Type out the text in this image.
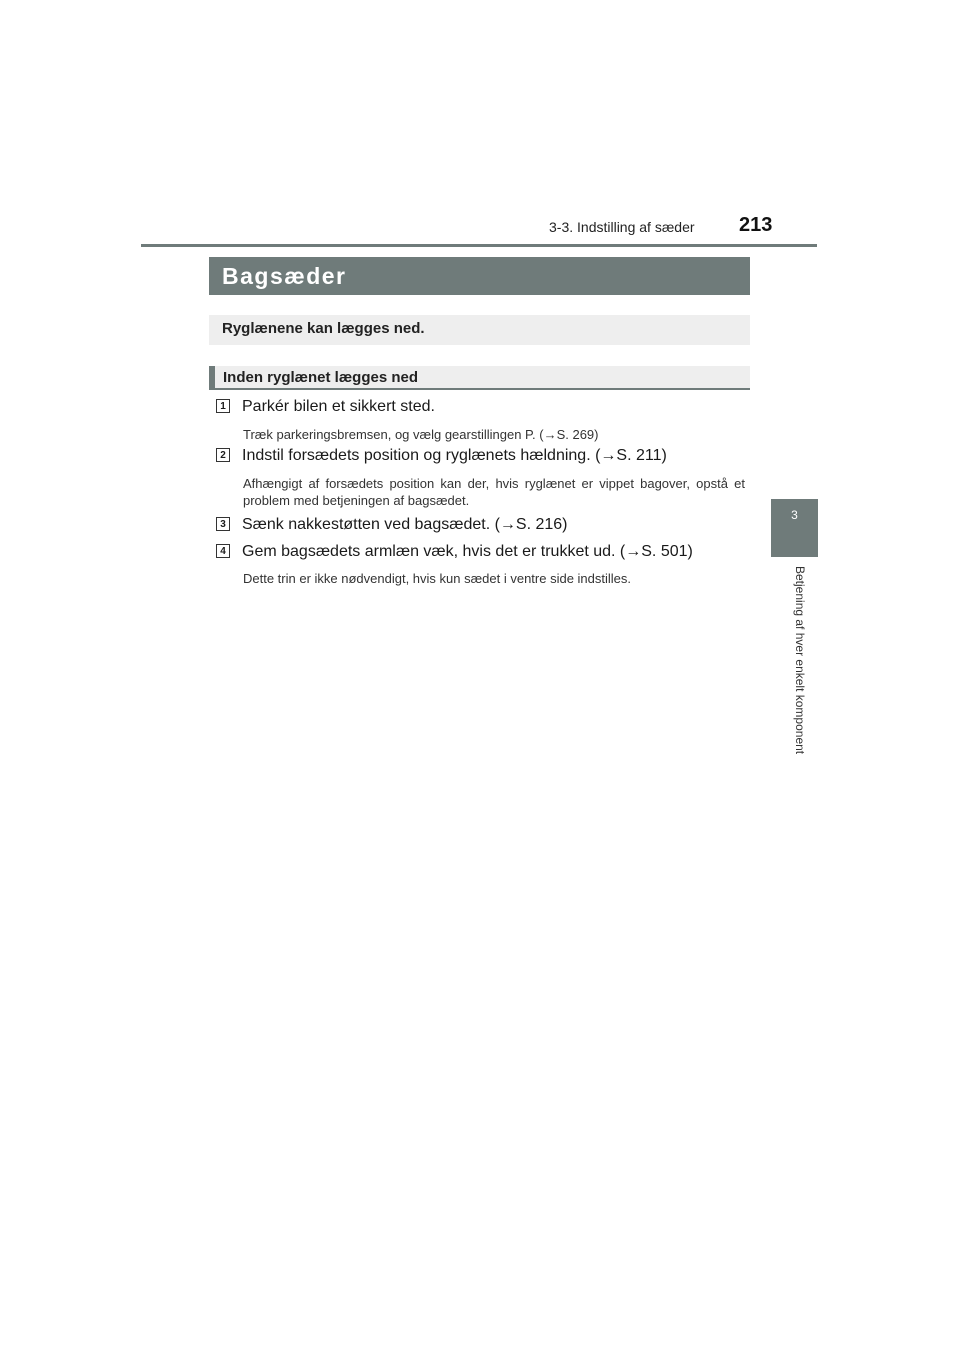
3-3. Indstilling af sæder 213
3
Betjening af hver enkelt komponent
Bagsæder
Ryglænene kan lægges ned.
Inden ryglænet lægges ned
1 Parkér bilen et sikkert sted.
Træk parkeringsbremsen, og vælg gearstillingen P. (→S. 269)
2 Indstil forsædets position og ryglænets hældning. (→S. 211)
Afhængigt af forsædets position kan der, hvis ryglænet er vippet bagover, opstå et problem med betjeningen af bagsædet.
3 Sænk nakkestøtten ved bagsædet. (→S. 216)
4 Gem bagsædets armlæn væk, hvis det er trukket ud. (→S. 501)
Dette trin er ikke nødvendigt, hvis kun sædet i ventre side indstilles.
